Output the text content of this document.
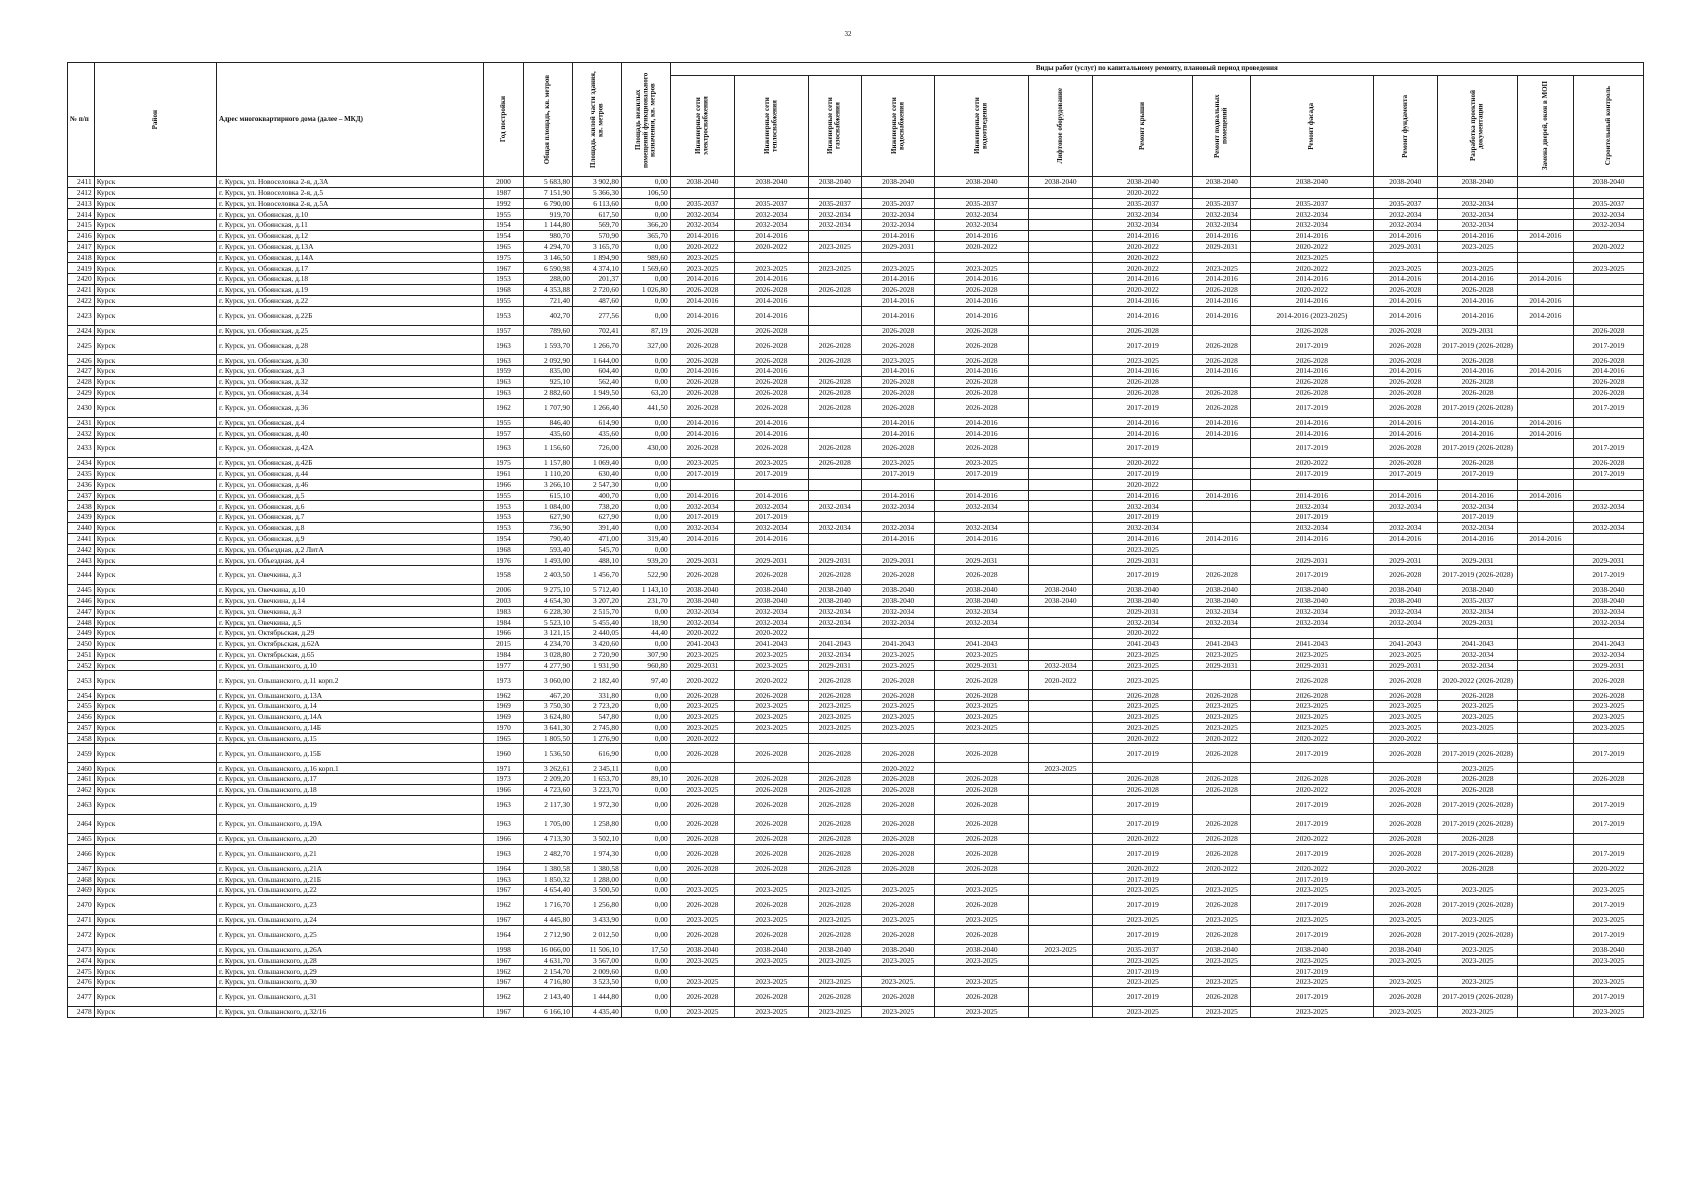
32
№ п/п	Район	Адрес многоквартирного дома (далее – МКД)	Год постройки	Общая площадь, кв. метров	Площадь жилой части здания, кв. метров	Площадь нежилых помещений функционального назначения, кв. метров	Виды работ (услуг) по капитальному ремонту, плановый период проведения												

							Инженерные сети электроснабжения	Инженерные сети теплоснабжения	Инженерные сети газоснабжения	Инженерные сети водоснабжения	Инженерные сети водоотведения	Лифтовое оборудование	Ремонт крыши	Ремонт подвальных помещений	Ремонт фасада	Ремонт фундамента	Разработка проектной документации	Замена дверей, окон в МОП	Строительный контроль

2411	Курск	г. Курск, ул. Новоселовка 2-я, д.3А	2000	5 683,80	3 902,80	0,00	2038-2040	2038-2040	2038-2040	2038-2040	2038-2040	2038-2040	2038-2040	2038-2040	2038-2040	2038-2040	2038-2040		2038-2040
2412	Курск	г. Курск, ул. Новоселовка 2-я, д.5	1987	7 151,90	5 366,30	106,50							2020-2022						
2413	Курск	г. Курск, ул. Новоселовка 2-я, д.5А	1992	6 790,00	6 113,60	0,00	2035-2037	2035-2037	2035-2037	2035-2037	2035-2037		2035-2037	2035-2037	2035-2037	2035-2037	2032-2034		2035-2037
2414	Курск	г. Курск, ул. Обоянская, д.10	1955	919,70	617,50	0,00	2032-2034	2032-2034	2032-2034	2032-2034	2032-2034		2032-2034	2032-2034	2032-2034	2032-2034	2032-2034		2032-2034
2415	Курск	г. Курск, ул. Обоянская, д.11	1954	1 144,80	569,70	366,20	2032-2034	2032-2034	2032-2034	2032-2034	2032-2034		2032-2034	2032-2034	2032-2034	2032-2034	2032-2034		2032-2034
2416	Курск	г. Курск, ул. Обоянская, д.12	1954	980,70	570,90	365,70	2014-2016	2014-2016		2014-2016	2014-2016		2014-2016	2014-2016	2014-2016	2014-2016	2014-2016	2014-2016	
2417	Курск	г. Курск, ул. Обоянская, д.13А	1965	4 294,70	3 165,70	0,00	2020-2022	2020-2022	2023-2025	2029-2031	2020-2022		2020-2022	2029-2031	2020-2022	2029-2031	2023-2025		2020-2022
2418	Курск	г. Курск, ул. Обоянская, д.14А	1975	3 146,50	1 894,90	989,60	2023-2025						2020-2022		2023-2025				
2419	Курск	г. Курск, ул. Обоянская, д.17	1967	6 590,98	4 374,10	1 569,60	2023-2025	2023-2025	2023-2025	2023-2025	2023-2025		2020-2022	2023-2025	2020-2022	2023-2025	2023-2025		2023-2025
2420	Курск	г. Курск, ул. Обоянская, д.18	1953	288,00	201,37	0,00	2014-2016	2014-2016		2014-2016	2014-2016		2014-2016	2014-2016	2014-2016	2014-2016	2014-2016	2014-2016	
2421	Курск	г. Курск, ул. Обоянская, д.19	1968	4 353,88	2 720,60	1 026,80	2026-2028	2026-2028	2026-2028	2026-2028	2026-2028		2020-2022	2026-2028	2020-2022	2026-2028	2026-2028		
2422	Курск	г. Курск, ул. Обоянская, д.22	1955	721,40	487,60	0,00	2014-2016	2014-2016		2014-2016	2014-2016		2014-2016	2014-2016	2014-2016	2014-2016	2014-2016	2014-2016	
2423	Курск	г. Курск, ул. Обоянская, д.22Б	1953	402,70	277,56	0,00	2014-2016	2014-2016		2014-2016	2014-2016		2014-2016	2014-2016	2014-2016 (2023-2025)	2014-2016	2014-2016	2014-2016	
2424	Курск	г. Курск, ул. Обоянская, д.25	1957	789,60	702,41	87,19	2026-2028	2026-2028		2026-2028	2026-2028		2026-2028		2026-2028	2026-2028	2029-2031		2026-2028
2425	Курск	г. Курск, ул. Обоянская, д.28	1963	1 593,70	1 266,70	327,00	2026-2028	2026-2028	2026-2028	2026-2028	2026-2028		2017-2019	2026-2028	2017-2019	2026-2028	2017-2019 (2026-2028)		2017-2019
2426	Курск	г. Курск, ул. Обоянская, д.30	1963	2 092,90	1 644,00	0,00	2026-2028	2026-2028	2026-2028	2023-2025	2026-2028		2023-2025	2026-2028	2026-2028	2026-2028	2026-2028		2026-2028
2427	Курск	г. Курск, ул. Обоянская, д.3	1959	835,00	604,40	0,00	2014-2016	2014-2016		2014-2016	2014-2016		2014-2016	2014-2016	2014-2016	2014-2016	2014-2016	2014-2016	2014-2016
2428	Курск	г. Курск, ул. Обоянская, д.32	1963	925,10	562,40	0,00	2026-2028	2026-2028	2026-2028	2026-2028	2026-2028		2026-2028		2026-2028	2026-2028	2026-2028		2026-2028
2429	Курск	г. Курск, ул. Обоянская, д.34	1963	2 882,60	1 949,50	63,20	2026-2028	2026-2028	2026-2028	2026-2028	2026-2028		2026-2028	2026-2028	2026-2028	2026-2028	2026-2028		2026-2028
2430	Курск	г. Курск, ул. Обоянская, д.36	1962	1 707,90	1 266,40	441,50	2026-2028	2026-2028	2026-2028	2026-2028	2026-2028		2017-2019	2026-2028	2017-2019	2026-2028	2017-2019 (2026-2028)		2017-2019
2431	Курск	г. Курск, ул. Обоянская, д.4	1955	846,40	614,90	0,00	2014-2016	2014-2016		2014-2016	2014-2016		2014-2016	2014-2016	2014-2016	2014-2016	2014-2016	2014-2016	
2432	Курск	г. Курск, ул. Обоянская, д.40	1957	435,60	435,60	0,00	2014-2016	2014-2016		2014-2016	2014-2016		2014-2016	2014-2016	2014-2016	2014-2016	2014-2016	2014-2016	
2433	Курск	г. Курск, ул. Обоянская, д.42А	1963	1 156,60	726,00	430,00	2026-2028	2026-2028	2026-2028	2026-2028	2026-2028		2017-2019		2017-2019	2026-2028	2017-2019 (2026-2028)		2017-2019
2434	Курск	г. Курск, ул. Обоянская, д.42Б	1975	1 157,80	1 069,40	0,00	2023-2025	2023-2025	2026-2028	2023-2025	2023-2025		2020-2022		2020-2022	2026-2028	2026-2028		2026-2028
2435	Курск	г. Курск, ул. Обоянская, д.44	1961	1 110,20	630,40	0,00	2017-2019	2017-2019		2017-2019	2017-2019		2017-2019		2017-2019	2017-2019	2017-2019		2017-2019
2436	Курск	г. Курск, ул. Обоянская, д.46	1966	3 266,10	2 547,30	0,00							2020-2022						
2437	Курск	г. Курск, ул. Обоянская, д.5	1955	615,10	400,70	0,00	2014-2016	2014-2016		2014-2016	2014-2016		2014-2016	2014-2016	2014-2016	2014-2016	2014-2016	2014-2016	
2438	Курск	г. Курск, ул. Обоянская, д.6	1953	1 084,00	738,20	0,00	2032-2034	2032-2034	2032-2034	2032-2034	2032-2034		2032-2034		2032-2034	2032-2034	2032-2034		2032-2034
2439	Курск	г. Курск, ул. Обоянская, д.7	1953	627,90	627,90	0,00	2017-2019	2017-2019					2017-2019		2017-2019		2017-2019		
2440	Курск	г. Курск, ул. Обоянская, д.8	1953	736,90	391,40	0,00	2032-2034	2032-2034	2032-2034	2032-2034	2032-2034		2032-2034		2032-2034	2032-2034	2032-2034		2032-2034
2441	Курск	г. Курск, ул. Обоянская, д.9	1954	790,40	471,00	319,40	2014-2016	2014-2016		2014-2016	2014-2016		2014-2016	2014-2016	2014-2016	2014-2016	2014-2016	2014-2016	
2442	Курск	г. Курск, ул. Объездная, д.2 ЛитА	1968	593,40	545,70	0,00							2023-2025						
2443	Курск	г. Курск, ул. Объездная, д.4	1976	1 493,00	488,10	939,20	2029-2031	2029-2031	2029-2031	2029-2031	2029-2031		2029-2031		2029-2031	2029-2031	2029-2031		2029-2031
2444	Курск	г. Курск, ул. Овечкина, д.3	1958	2 403,50	1 456,70	522,90	2026-2028	2026-2028	2026-2028	2026-2028	2026-2028		2017-2019	2026-2028	2017-2019	2026-2028	2017-2019 (2026-2028)		2017-2019
2445	Курск	г. Курск, ул. Овечкина, д.10	2006	9 275,10	5 712,40	1 143,10	2038-2040	2038-2040	2038-2040	2038-2040	2038-2040	2038-2040	2038-2040	2038-2040	2038-2040	2038-2040	2038-2040		2038-2040
2446	Курск	г. Курск, ул. Овечкина, д.14	2003	4 654,30	3 207,20	231,70	2038-2040	2038-2040	2038-2040	2038-2040	2038-2040	2038-2040	2038-2040	2038-2040	2038-2040	2038-2040	2035-2037		2038-2040
2447	Курск	г. Курск, ул. Овечкина, д.3	1983	6 228,30	2 515,70	0,00	2032-2034	2032-2034	2032-2034	2032-2034	2032-2034		2029-2031	2032-2034	2032-2034	2032-2034	2032-2034		2032-2034
2448	Курск	г. Курск, ул. Овечкина, д.5	1984	5 523,10	5 455,40	18,90	2032-2034	2032-2034	2032-2034	2032-2034	2032-2034		2032-2034	2032-2034	2032-2034	2032-2034	2029-2031		2032-2034
2449	Курск	г. Курск, ул. Октябрьская, д.29	1966	3 121,15	2 440,05	44,40	2020-2022	2020-2022					2020-2022						
2450	Курск	г. Курск, ул. Октябрьская, д.62А	2015	4 234,70	3 420,60	0,00	2041-2043	2041-2043	2041-2043	2041-2043	2041-2043		2041-2043	2041-2043	2041-2043	2041-2043	2041-2043		2041-2043
2451	Курск	г. Курск, ул. Октябрьская, д.65	1984	3 028,80	2 720,90	307,90	2023-2025	2023-2025	2032-2034	2023-2025	2023-2025		2023-2025	2023-2025	2023-2025	2023-2025	2032-2034		2032-2034
2452	Курск	г. Курск, ул. Ольшанского, д.10	1977	4 277,90	1 931,90	960,80	2029-2031	2023-2025	2029-2031	2023-2025	2029-2031	2032-2034	2023-2025	2029-2031	2029-2031	2029-2031	2032-2034		2029-2031
2453	Курск	г. Курск, ул. Ольшанского, д.11 корп.2	1973	3 060,00	2 182,40	97,40	2020-2022	2020-2022	2026-2028	2026-2028	2026-2028	2020-2022	2023-2025		2026-2028	2026-2028	2020-2022 (2026-2028)		2026-2028
2454	Курск	г. Курск, ул. Ольшанского, д.13А	1962	467,20	331,80	0,00	2026-2028	2026-2028	2026-2028	2026-2028	2026-2028		2026-2028	2026-2028	2026-2028	2026-2028	2026-2028		2026-2028
2455	Курск	г. Курск, ул. Ольшанского, д.14	1969	3 750,30	2 723,20	0,00	2023-2025	2023-2025	2023-2025	2023-2025	2023-2025		2023-2025	2023-2025	2023-2025	2023-2025	2023-2025		2023-2025
2456	Курск	г. Курск, ул. Ольшанского, д.14А	1969	3 624,80	547,80	0,00	2023-2025	2023-2025	2023-2025	2023-2025	2023-2025		2023-2025	2023-2025	2023-2025	2023-2025	2023-2025		2023-2025
2457	Курск	г. Курск, ул. Ольшанского, д.14Б	1970	3 641,30	2 745,80	0,00	2023-2025	2023-2025	2023-2025	2023-2025	2023-2025		2023-2025	2023-2025	2023-2025	2023-2025	2023-2025		2023-2025
2458	Курск	г. Курск, ул. Ольшанского, д.15	1965	1 805,50	1 276,90	0,00	2020-2022						2020-2022	2020-2022	2020-2022	2020-2022			
2459	Курск	г. Курск, ул. Ольшанского, д.15Б	1960	1 536,50	616,90	0,00	2026-2028	2026-2028	2026-2028	2026-2028	2026-2028		2017-2019	2026-2028	2017-2019	2026-2028	2017-2019 (2026-2028)		2017-2019
2460	Курск	г. Курск, ул. Ольшанского, д.16 корп.1	1971	3 262,61	2 345,11	0,00				2020-2022		2023-2025					2023-2025		
2461	Курск	г. Курск, ул. Ольшанского, д.17	1973	2 209,20	1 653,70	89,10	2026-2028	2026-2028	2026-2028	2026-2028	2026-2028		2026-2028	2026-2028	2026-2028	2026-2028	2026-2028		2026-2028
2462	Курск	г. Курск, ул. Ольшанского, д.18	1966	4 723,60	3 223,70	0,00	2023-2025	2026-2028	2026-2028	2026-2028	2026-2028		2026-2028	2026-2028	2020-2022	2026-2028	2026-2028		
2463	Курск	г. Курск, ул. Ольшанского, д.19	1963	2 117,30	1 972,30	0,00	2026-2028	2026-2028	2026-2028	2026-2028	2026-2028		2017-2019		2017-2019	2026-2028	2017-2019 (2026-2028)		2017-2019
2464	Курск	г. Курск, ул. Ольшанского, д.19А	1963	1 705,00	1 258,80	0,00	2026-2028	2026-2028	2026-2028	2026-2028	2026-2028		2017-2019	2026-2028	2017-2019	2026-2028	2017-2019 (2026-2028)		2017-2019
2465	Курск	г. Курск, ул. Ольшанского, д.20	1966	4 713,30	3 502,10	0,00	2026-2028	2026-2028	2026-2028	2026-2028	2026-2028		2020-2022	2026-2028	2020-2022	2026-2028	2026-2028		
2466	Курск	г. Курск, ул. Ольшанского, д.21	1963	2 482,70	1 974,30	0,00	2026-2028	2026-2028	2026-2028	2026-2028	2026-2028		2017-2019	2026-2028	2017-2019	2026-2028	2017-2019 (2026-2028)		2017-2019
2467	Курск	г. Курск, ул. Ольшанского, д.21А	1964	1 380,58	1 380,58	0,00	2026-2028	2026-2028	2026-2028	2026-2028	2026-2028		2020-2022	2020-2022	2020-2022	2020-2022	2026-2028		2020-2022
2468	Курск	г. Курск, ул. Ольшанского, д.21Б	1963	1 850,32	1 288,00	0,00							2017-2019		2017-2019				
2469	Курск	г. Курск, ул. Ольшанского, д.22	1967	4 654,40	3 500,50	0,00	2023-2025	2023-2025	2023-2025	2023-2025	2023-2025		2023-2025	2023-2025	2023-2025	2023-2025	2023-2025		2023-2025
2470	Курск	г. Курск, ул. Ольшанского, д.23	1962	1 716,70	1 256,80	0,00	2026-2028	2026-2028	2026-2028	2026-2028	2026-2028		2017-2019	2026-2028	2017-2019	2026-2028	2017-2019 (2026-2028)		2017-2019
2471	Курск	г. Курск, ул. Ольшанского, д.24	1967	4 445,80	3 433,90	0,00	2023-2025	2023-2025	2023-2025	2023-2025	2023-2025		2023-2025	2023-2025	2023-2025	2023-2025	2023-2025		2023-2025
2472	Курск	г. Курск, ул. Ольшанского, д.25	1964	2 712,90	2 012,50	0,00	2026-2028	2026-2028	2026-2028	2026-2028	2026-2028		2017-2019	2026-2028	2017-2019	2026-2028	2017-2019 (2026-2028)		2017-2019
2473	Курск	г. Курск, ул. Ольшанского, д.26А	1998	16 066,00	11 506,10	17,50	2038-2040	2038-2040	2038-2040	2038-2040	2038-2040	2023-2025	2035-2037	2038-2040	2038-2040	2038-2040	2023-2025		2038-2040
2474	Курск	г. Курск, ул. Ольшанского, д.28	1967	4 631,70	3 567,00	0,00	2023-2025	2023-2025	2023-2025	2023-2025	2023-2025		2023-2025	2023-2025	2023-2025	2023-2025	2023-2025		2023-2025
2475	Курск	г. Курск, ул. Ольшанского, д.29	1962	2 154,70	2 009,60	0,00							2017-2019		2017-2019				
2476	Курск	г. Курск, ул. Ольшанского, д.30	1967	4 716,80	3 523,50	0,00	2023-2025	2023-2025	2023-2025	2023-2025.	2023-2025		2023-2025	2023-2025	2023-2025	2023-2025	2023-2025		2023-2025
2477	Курск	г. Курск, ул. Ольшанского, д.31	1962	2 143,40	1 444,80	0,00	2026-2028	2026-2028	2026-2028	2026-2028	2026-2028		2017-2019	2026-2028	2017-2019	2026-2028	2017-2019 (2026-2028)		2017-2019
2478	Курск	г. Курск, ул. Ольшанского, д.32/16	1967	6 166,10	4 435,40	0,00	2023-2025	2023-2025	2023-2025	2023-2025	2023-2025		2023-2025	2023-2025	2023-2025	2023-2025	2023-2025		2023-2025
